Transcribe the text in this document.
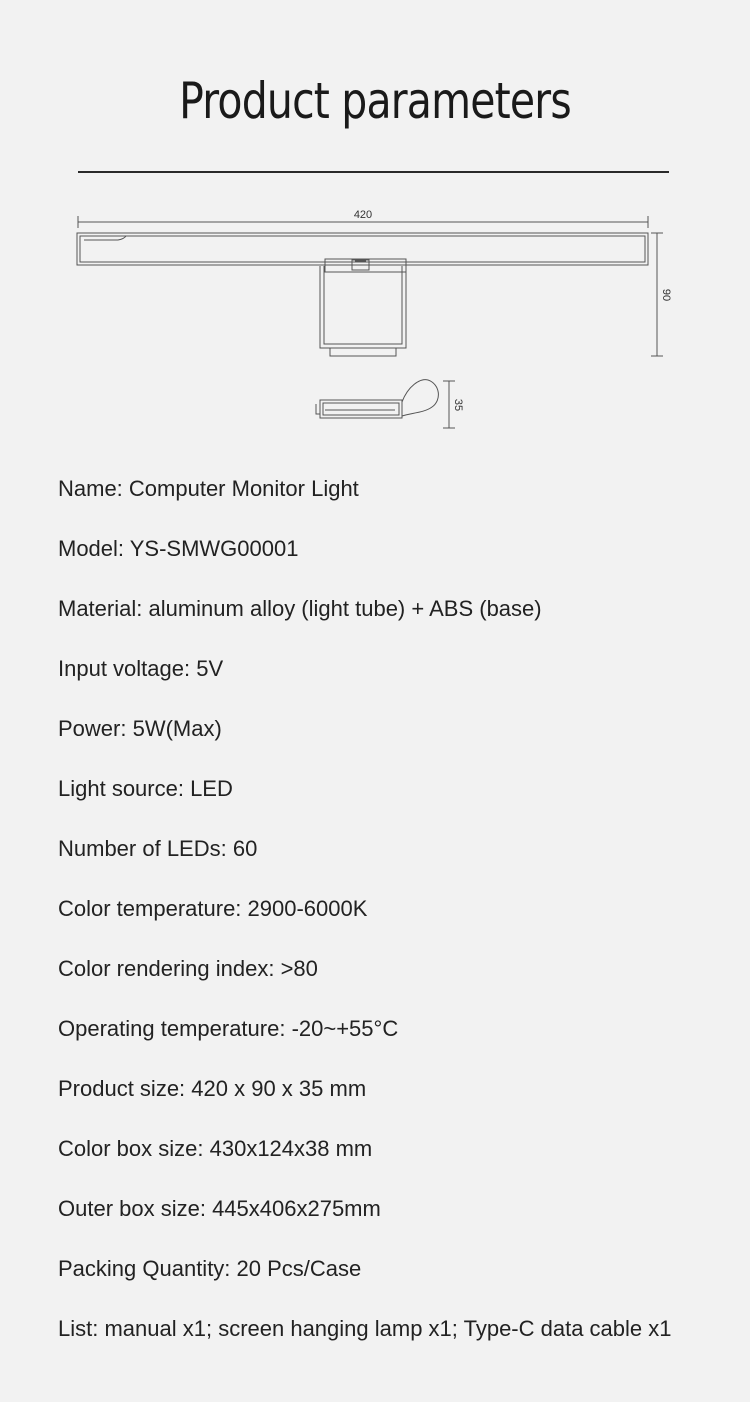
Product parameters
420
90
35
Name: Computer Monitor Light
Model: YS-SMWG00001
Material: aluminum alloy (light tube) + ABS (base)
Input voltage: 5V
Power: 5W(Max)
Light source: LED
Number of LEDs: 60
Color temperature: 2900-6000K
Color rendering index: >80
Operating temperature: -20~+55°C
Product size: 420 x 90 x 35 mm
Color box size: 430x124x38 mm
Outer box size: 445x406x275mm
Packing Quantity: 20 Pcs/Case
List: manual x1; screen hanging lamp x1; Type-C data cable x1
